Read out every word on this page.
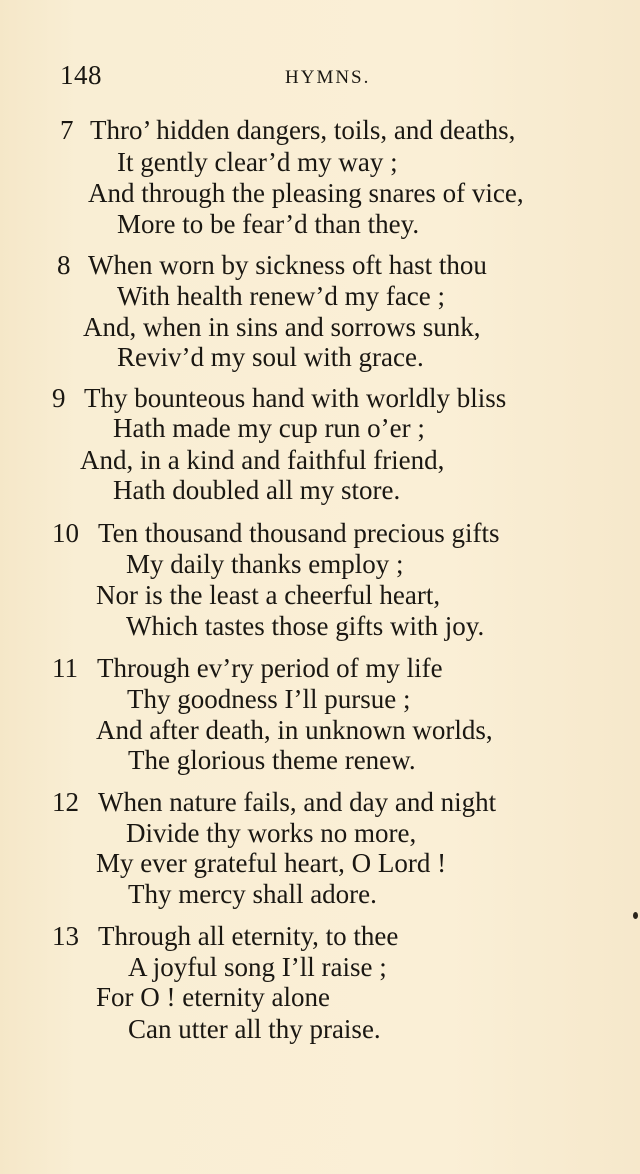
148	HYMNS.
7 Thro’ hidden dangers, toils, and deaths,
It gently clear’d my way ;
And through the pleasing snares of vice,
More to be fear’d than they.
8 When worn by sickness oft hast thou
With health renew’d my face ;
And, when in sins and sorrows sunk,
Reviv’d my soul with grace.
9 Thy bounteous hand with worldly bliss
Hath made my cup run o’er ;
And, in a kind and faithful friend,
Hath doubled all my store.
10 Ten thousand thousand precious gifts
My daily thanks employ ;
Nor is the least a cheerful heart,
Which tastes those gifts with joy.
11 Through ev’ry period of my life
Thy goodness I’ll pursue ;
And after death, in unknown worlds,
The glorious theme renew.
12 When nature fails, and day and night
Divide thy works no more,
My ever grateful heart, O Lord !
Thy mercy shall adore.
13 Through all eternity, to thee
A joyful song I’ll raise ;
For O ! eternity alone
Can utter all thy praise.
